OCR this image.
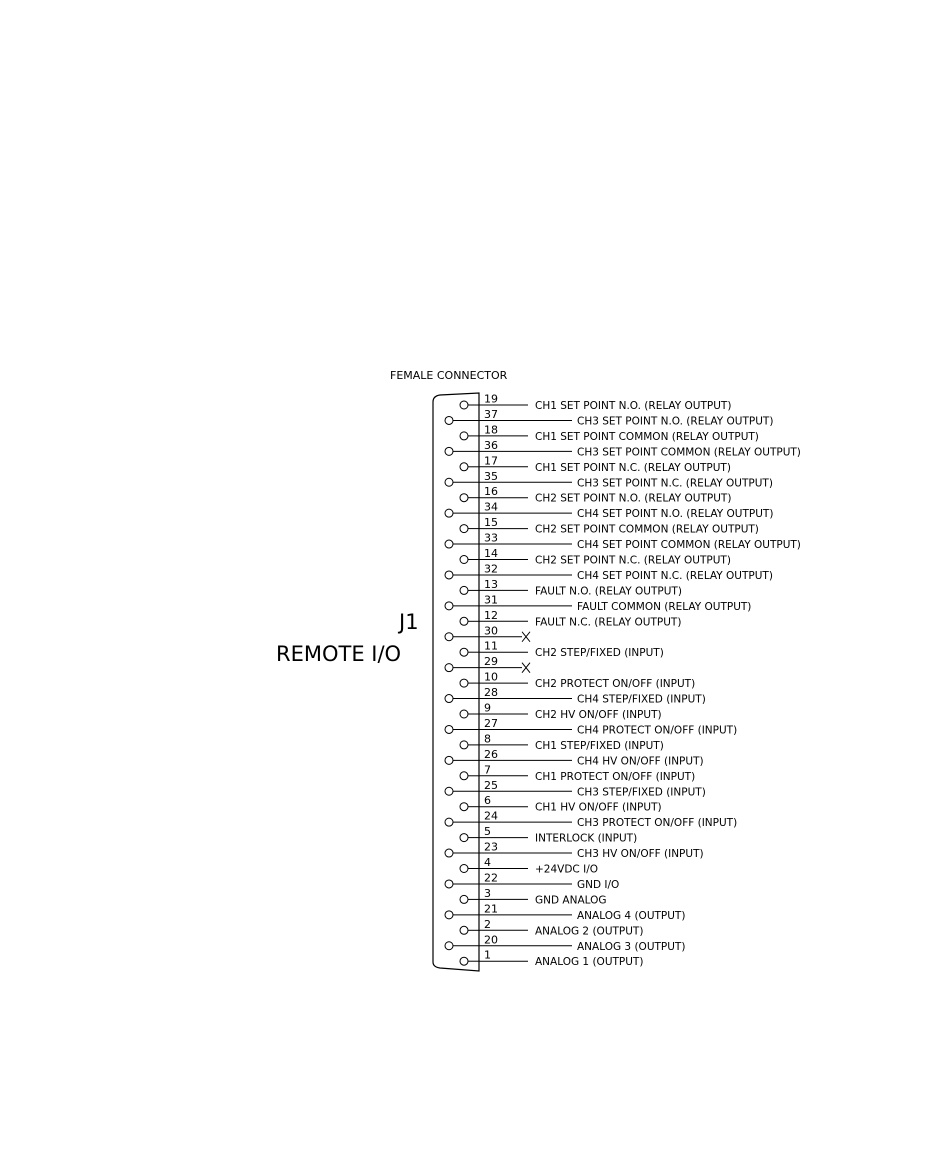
FEMALE CONNECTOR
J1
REMOTE I/O
CH1 SET POINT N.O. (RELAY OUTPUT)
19
CH3 SET POINT N.O. (RELAY OUTPUT)
37
CH1 SET POINT COMMON (RELAY OUTPUT)
18
CH3 SET POINT COMMON (RELAY OUTPUT)
36
CH1 SET POINT N.C. (RELAY OUTPUT)
17
CH3 SET POINT N.C. (RELAY OUTPUT)
35
CH2 SET POINT N.O. (RELAY OUTPUT)
16
CH4 SET POINT N.O. (RELAY OUTPUT)
34
CH2 SET POINT COMMON (RELAY OUTPUT)
15
CH4 SET POINT COMMON (RELAY OUTPUT)
33
CH2 SET POINT N.C. (RELAY OUTPUT)
14
CH4 SET POINT N.C. (RELAY OUTPUT)
32
FAULT N.O. (RELAY OUTPUT)
13
FAULT COMMON (RELAY OUTPUT)
31
FAULT N.C. (RELAY OUTPUT)
12
30
CH2 STEP/FIXED (INPUT)
11
29
CH2 PROTECT ON/OFF (INPUT)
10
CH4 STEP/FIXED (INPUT)
28
CH2 HV ON/OFF (INPUT)
9
CH4 PROTECT ON/OFF (INPUT)
27
CH1 STEP/FIXED (INPUT)
8
CH4 HV ON/OFF (INPUT)
26
CH1 PROTECT ON/OFF (INPUT)
7
CH3 STEP/FIXED (INPUT)
25
CH1 HV ON/OFF (INPUT)
6
CH3 PROTECT ON/OFF (INPUT)
24
INTERLOCK (INPUT)
5
CH3 HV ON/OFF (INPUT)
23
+24VDC I/O
4
GND I/O
22
GND ANALOG
3
ANALOG 4 (OUTPUT)
21
ANALOG 2 (OUTPUT)
2
ANALOG 3 (OUTPUT)
20
ANALOG 1 (OUTPUT)
1
